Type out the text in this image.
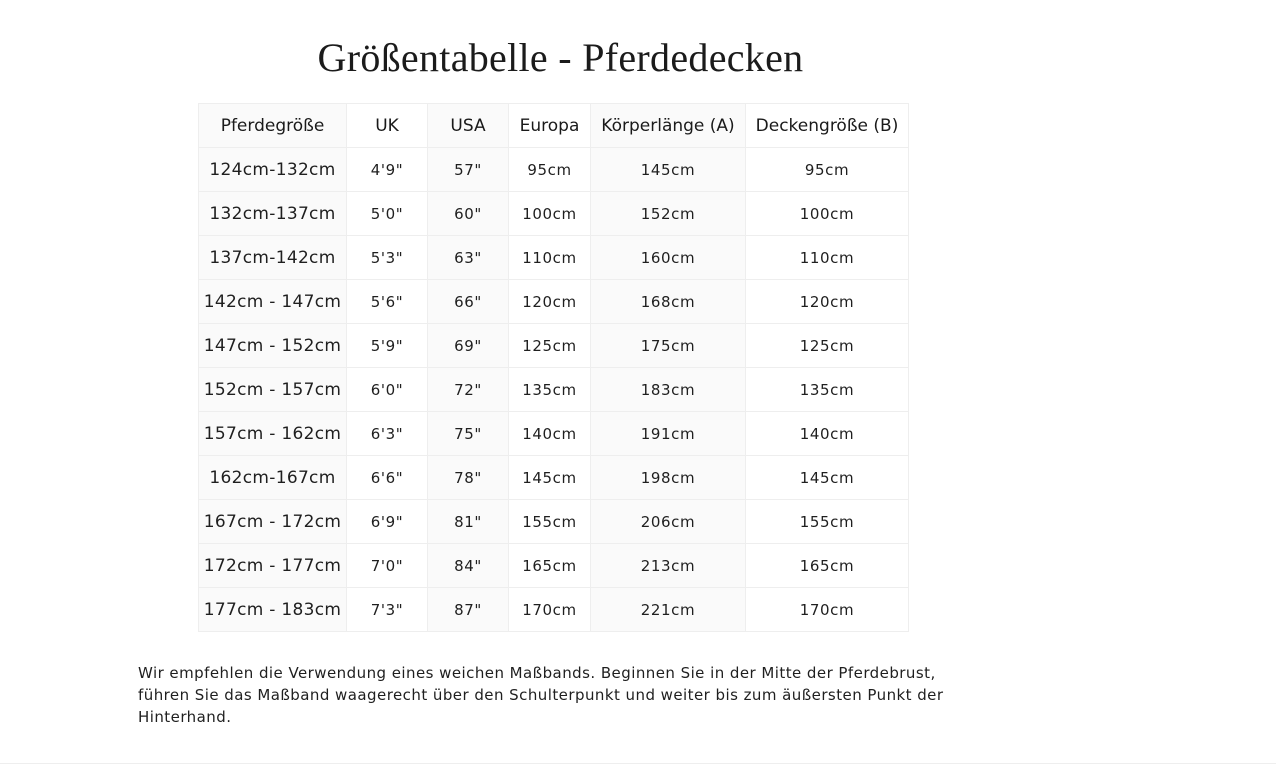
Größentabelle - Pferdedecken
Pferdegröße	UK	USA	Europa	Körperlänge (A)	Deckengröße (B)
124cm-132cm	4'9"	57"	95cm	145cm	95cm
132cm-137cm	5'0"	60"	100cm	152cm	100cm
137cm-142cm	5'3"	63"	110cm	160cm	110cm
142cm - 147cm	5'6"	66"	120cm	168cm	120cm
147cm - 152cm	5'9"	69"	125cm	175cm	125cm
152cm - 157cm	6'0"	72"	135cm	183cm	135cm
157cm - 162cm	6'3"	75"	140cm	191cm	140cm
162cm-167cm	6'6"	78"	145cm	198cm	145cm
167cm - 172cm	6'9"	81"	155cm	206cm	155cm
172cm - 177cm	7'0"	84"	165cm	213cm	165cm
177cm - 183cm	7'3"	87"	170cm	221cm	170cm
Wir empfehlen die Verwendung eines weichen Maßbands. Beginnen Sie in der Mitte der Pferdebrust,
führen Sie das Maßband waagerecht über den Schulterpunkt und weiter bis zum äußersten Punkt der
Hinterhand.
